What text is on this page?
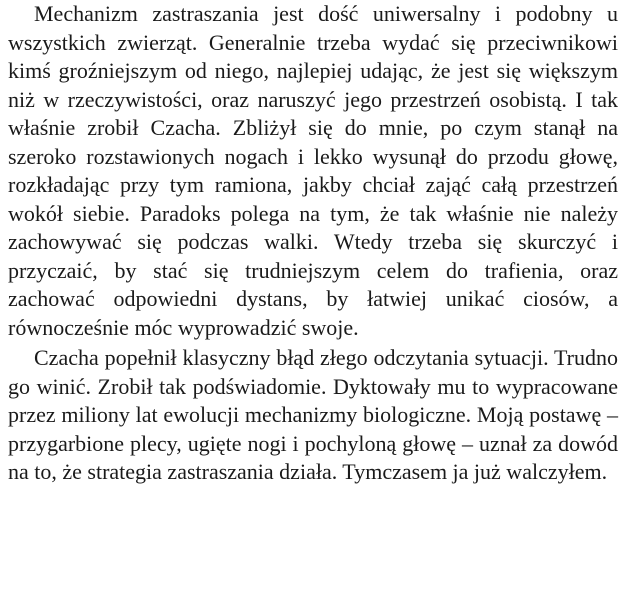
Mechanizm zastraszania jest dość uniwersalny i podobny u wszystkich zwierząt. Generalnie trzeba wydać się przeciwnikowi kimś groźniejszym od niego, najlepiej udając, że jest się większym niż w rzeczywistości, oraz naruszyć jego przestrzeń osobistą. I tak właśnie zrobił Czacha. Zbliżył się do mnie, po czym stanął na szeroko rozstawionych nogach i lekko wysunął do przodu głowę, rozkładając przy tym ramiona, jakby chciał zająć całą przestrzeń wokół siebie. Paradoks polega na tym, że tak właśnie nie należy zachowywać się podczas walki. Wtedy trzeba się skurczyć i przyczaić, by stać się trudniejszym celem do trafienia, oraz zachować odpowiedni dystans, by łatwiej unikać ciosów, a równocześnie móc wyprowadzić swoje.

Czacha popełnił klasyczny błąd złego odczytania sytuacji. Trudno go winić. Zrobił tak podświadomie. Dyktowały mu to wypracowane przez miliony lat ewolucji mechanizmy biologiczne. Moją postawę – przygarbione plecy, ugięte nogi i pochyloną głowę – uznał za dowód na to, że strategia zastraszania działa. Tymczasem ja już walczyłem.
